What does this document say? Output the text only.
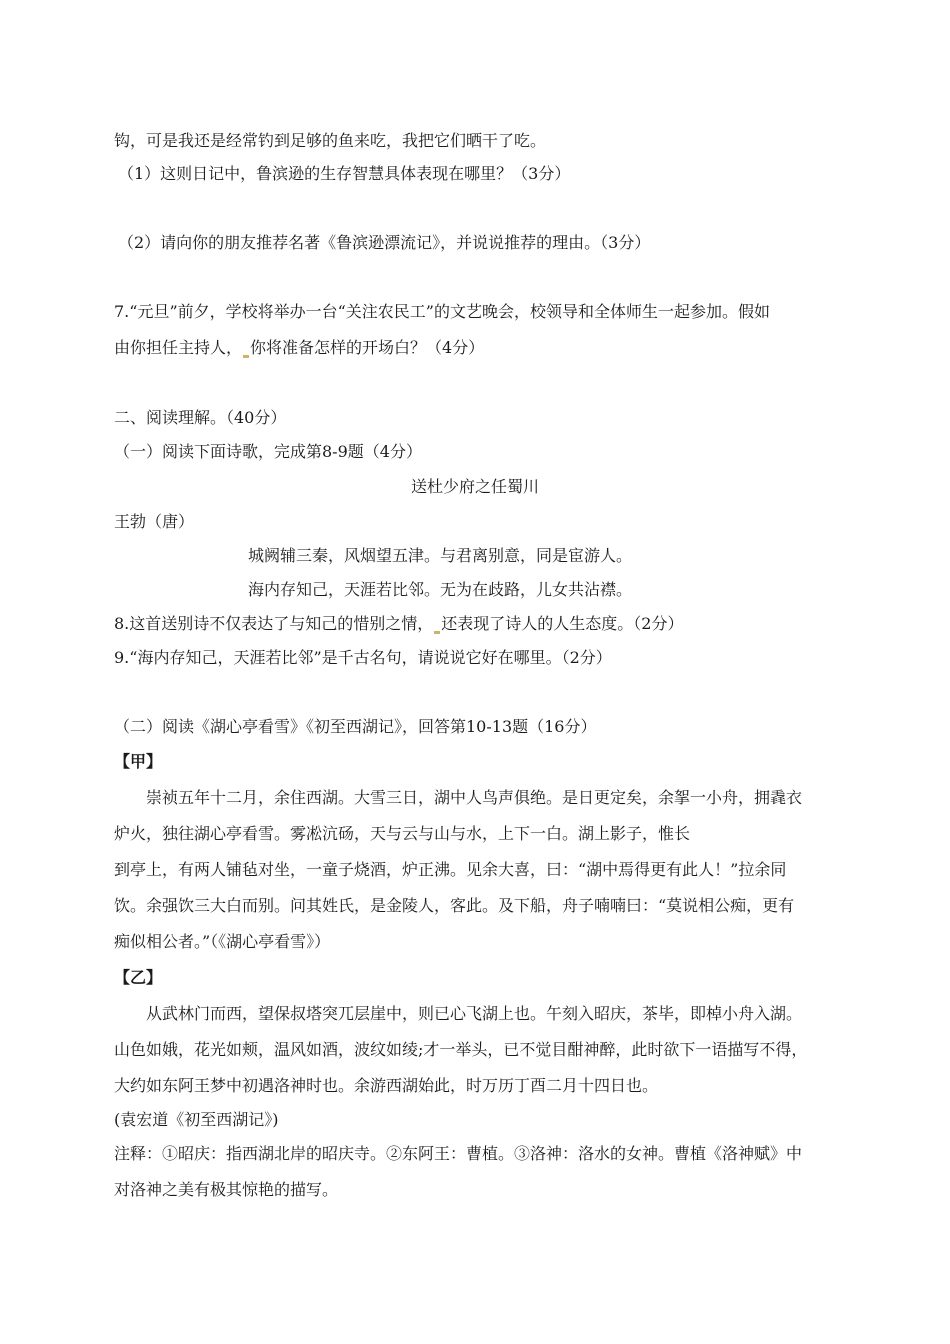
钩，可是我还是经常钓到足够的鱼来吃，我把它们晒干了吃。
（1）这则日记中，鲁滨逊的生存智慧具体表现在哪里？（3分）
（2）请向你的朋友推荐名著《鲁滨逊漂流记》，并说说推荐的理由。（3分）
7.“元旦”前夕，学校将举办一台“关注农民工”的文艺晚会，校领导和全体师生一起参加。假如
由你担任主持人， 你将准备怎样的开场白？（4分）
二、阅读理解。（40分）
（一）阅读下面诗歌，完成第8-9题（4分）
送杜少府之任蜀川
王勃（唐）
城阙辅三秦，风烟望五津。与君离别意，同是宦游人。
海内存知己，天涯若比邻。无为在歧路，儿女共沾襟。
8.这首送别诗不仅表达了与知己的惜别之情， 还表现了诗人的人生态度。（2分）
9.“海内存知己，天涯若比邻”是千古名句，请说说它好在哪里。（2分）
（二）阅读《湖心亭看雪》《初至西湖记》，回答第10-13题（16分）
【甲】
崇祯五年十二月，余住西湖。大雪三日，湖中人鸟声俱绝。是日更定矣，余挐一小舟，拥毳衣
炉火，独往湖心亭看雪。雾凇沆砀，天与云与山与水，上下一白。湖上影子，惟长
到亭上，有两人铺毡对坐，一童子烧酒，炉正沸。见余大喜，曰：“湖中焉得更有此人！”拉余同
饮。余强饮三大白而别。问其姓氏，是金陵人，客此。及下船，舟子喃喃曰：“莫说相公痴，更有
痴似相公者。”（《湖心亭看雪》）
【乙】
从武林门而西，望保叔塔突兀层崖中，则已心飞湖上也。午刻入昭庆，茶毕，即棹小舟入湖。
山色如娥，花光如颊，温风如酒，波纹如绫;才一举头，已不觉目酣神醉，此时欲下一语描写不得，
大约如东阿王梦中初遇洛神时也。余游西湖始此，时万历丁酉二月十四日也。
(袁宏道《初至西湖记》)
注释：①昭庆：指西湖北岸的昭庆寺。②东阿王：曹植。③洛神：洛水的女神。曹植《洛神赋》中
对洛神之美有极其惊艳的描写。
